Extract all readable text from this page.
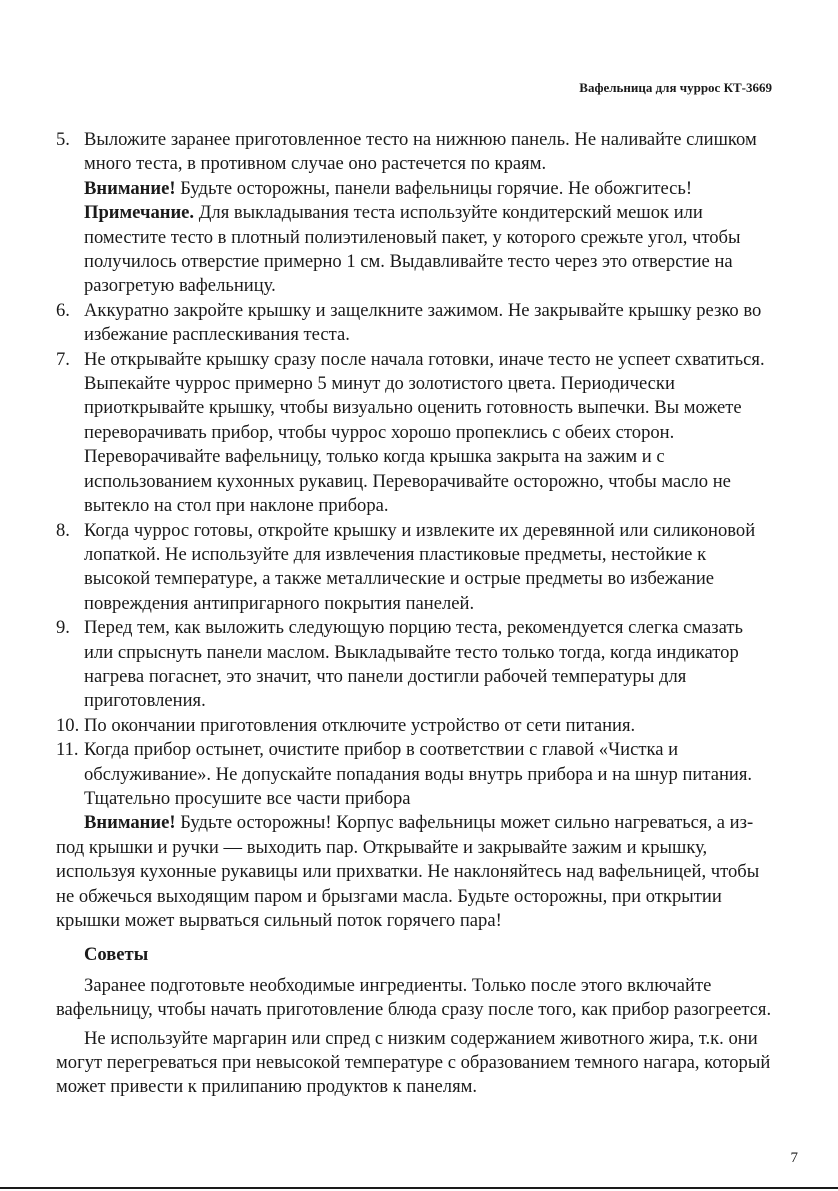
Вафельница для чуррос КТ-3669
5. Выложите заранее приготовленное тесто на нижнюю панель. Не наливайте слишком много теста, в противном случае оно растечется по краям.

Внимание! Будьте осторожны, панели вафельницы горячие. Не обожгитесь!

Примечание. Для выкладывания теста используйте кондитерский мешок или поместите тесто в плотный полиэтиленовый пакет, у которого срежьте угол, чтобы получилось отверстие примерно 1 см. Выдавливайте тесто через это отверстие на разогретую вафельницу.

6. Аккуратно закройте крышку и защелкните зажимом. Не закрывайте крышку резко во избежание расплескивания теста.

7. Не открывайте крышку сразу после начала готовки, иначе тесто не успеет схватиться. Выпекайте чуррос примерно 5 минут до золотистого цвета. Периодически приоткрывайте крышку, чтобы визуально оценить готовность выпечки. Вы можете переворачивать прибор, чтобы чуррос хорошо пропеклись с обеих сторон. Переворачивайте вафельницу, только когда крышка закрыта на зажим и с использованием кухонных рукавиц. Переворачивайте осторожно, чтобы масло не вытекло на стол при наклоне прибора.

8. Когда чуррос готовы, откройте крышку и извлеките их деревянной или силиконовой лопаткой. Не используйте для извлечения пластиковые предметы, нестойкие к высокой температуре, а также металлические и острые предметы во избежание повреждения антипригарного покрытия панелей.

9. Перед тем, как выложить следующую порцию теста, рекомендуется слегка смазать или спрыснуть панели маслом. Выкладывайте тесто только тогда, когда индикатор нагрева погаснет, это значит, что панели достигли рабочей температуры для приготовления.

10. По окончании приготовления отключите устройство от сети питания.

11. Когда прибор остынет, очистите прибор в соответствии с главой «Чистка и обслуживание». Не допускайте попадания воды внутрь прибора и на шнур питания. Тщательно просушите все части прибора

Внимание! Будьте осторожны! Корпус вафельницы может сильно нагреваться, а из-под крышки и ручки — выходить пар. Открывайте и закрывайте зажим и крышку, используя кухонные рукавицы или прихватки. Не наклоняйтесь над вафельницей, чтобы не обжечься выходящим паром и брызгами масла. Будьте осторожны, при открытии крышки может вырваться сильный поток горячего пара!

Советы

Заранее подготовьте необходимые ингредиенты. Только после этого включайте вафельницу, чтобы начать приготовление блюда сразу после того, как прибор разогреется.

Не используйте маргарин или спред с низким содержанием животного жира, т.к. они могут перегреваться при невысокой температуре с образованием темного нагара, который может привести к прилипанию продуктов к панелям.

7
